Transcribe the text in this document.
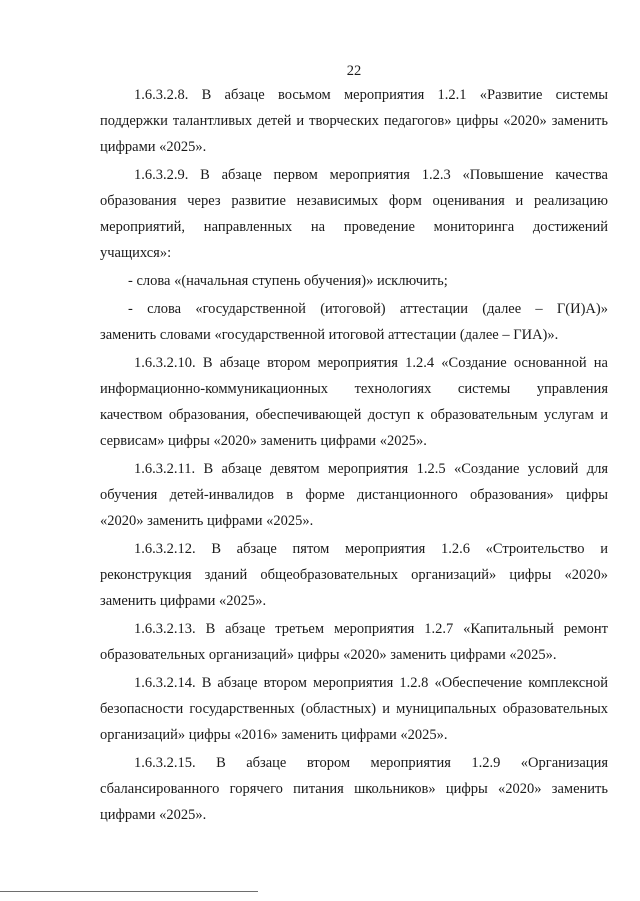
22

1.6.3.2.8. В абзаце восьмом мероприятия 1.2.1 «Развитие системы
поддержки талантливых детей и творческих педагогов» цифры «2020» заменить
цифрами «2025».

1.6.3.2.9. В абзаце первом мероприятия 1.2.3 «Повышение качества
образования через развитие независимых форм оценивания и реализацию
мероприятий, направленных на проведение мониторинга достижений
учащихся»:

- слова «(начальная ступень обучения)» исключить;

- слова «государственной (итоговой) аттестации (далее – Г(И)А)»
заменить словами «государственной итоговой аттестации (далее – ГИА)».

1.6.3.2.10. В абзаце втором мероприятия 1.2.4 «Создание основанной на
информационно-коммуникационных технологиях системы управления
качеством образования, обеспечивающей доступ к образовательным услугам и
сервисам» цифры «2020» заменить цифрами «2025».

1.6.3.2.11. В абзаце девятом мероприятия 1.2.5 «Создание условий для
обучения детей-инвалидов в форме дистанционного образования» цифры
«2020» заменить цифрами «2025».

1.6.3.2.12. В абзаце пятом мероприятия 1.2.6 «Строительство и
реконструкция зданий общеобразовательных организаций» цифры «2020»
заменить цифрами «2025».

1.6.3.2.13. В абзаце третьем мероприятия 1.2.7 «Капитальный ремонт
образовательных организаций» цифры «2020» заменить цифрами «2025».

1.6.3.2.14. В абзаце втором мероприятия 1.2.8 «Обеспечение комплексной
безопасности государственных (областных) и муниципальных образовательных
организаций» цифры «2016» заменить цифрами «2025».

1.6.3.2.15. В абзаце втором мероприятия 1.2.9 «Организация
сбалансированного горячего питания школьников» цифры «2020» заменить
цифрами «2025».
